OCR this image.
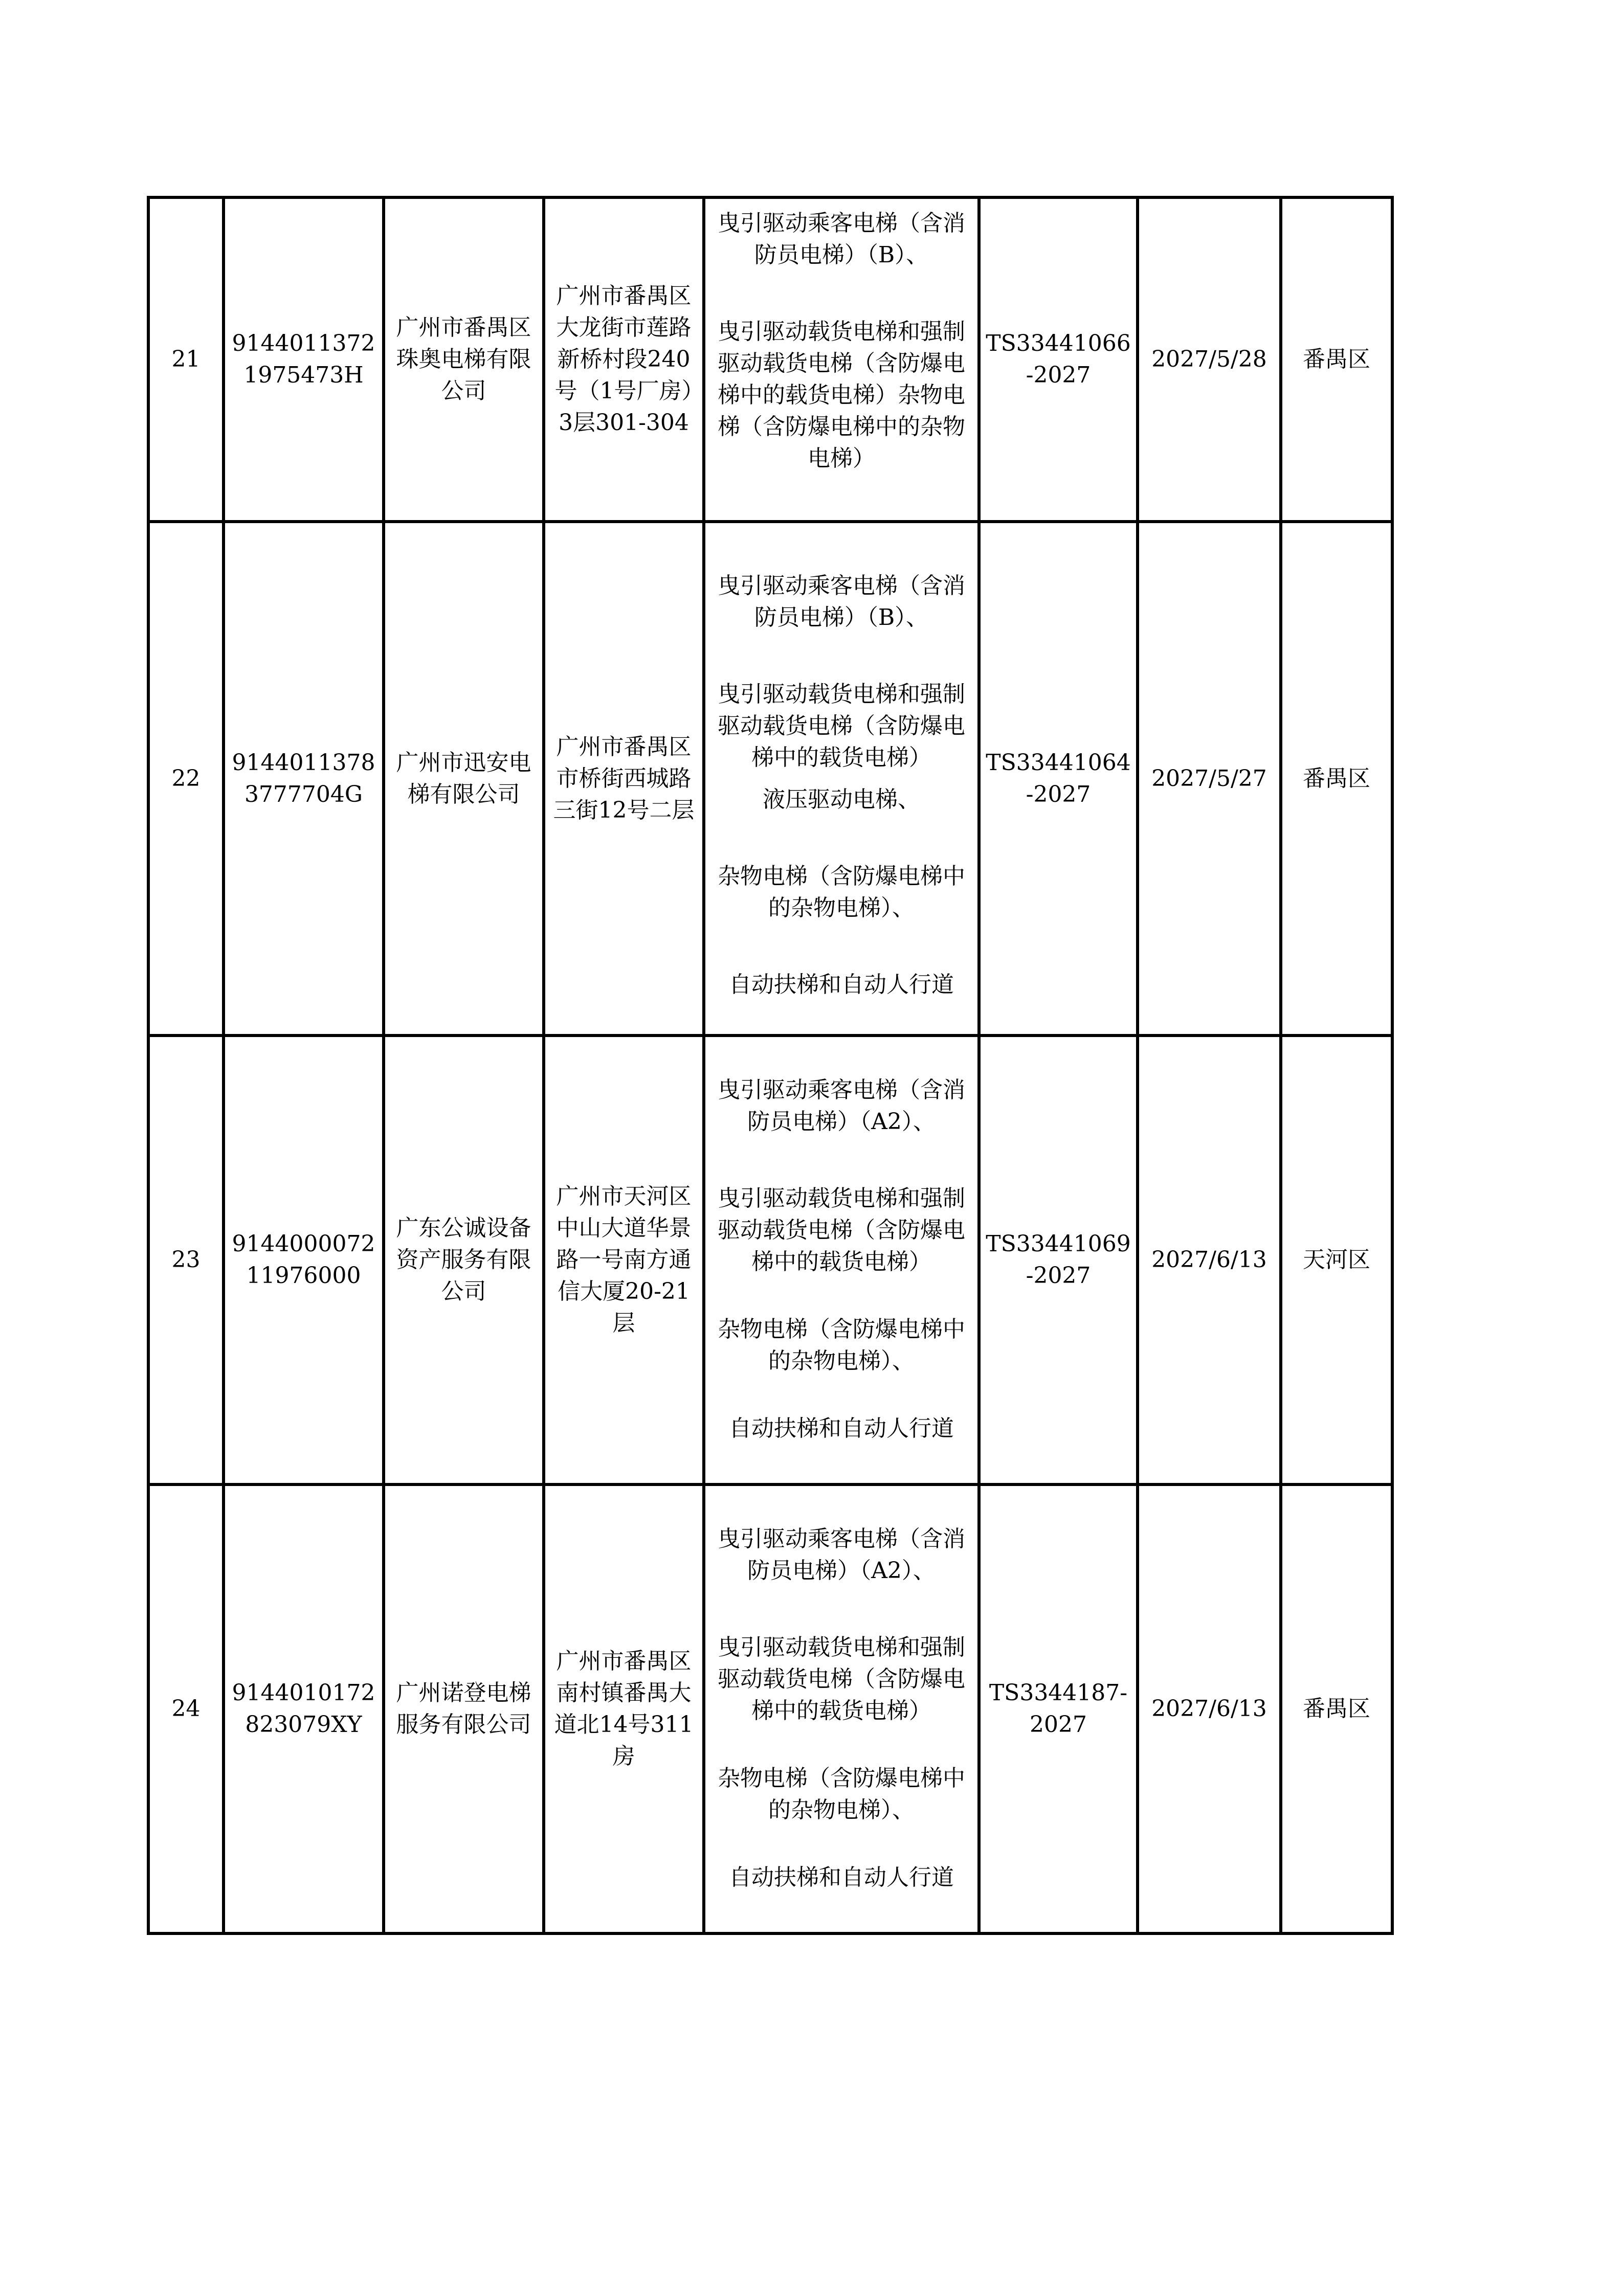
21	91440113721975473H	广州市番禺区珠奥电梯有限公司	广州市番禺区大龙街市莲路新桥村段240号（1号厂房）3层301-304	曳引驱动乘客电梯（含消防员电梯）（B）、
曳引驱动载货电梯和强制驱动载货电梯（含防爆电梯中的载货电梯）杂物电梯（含防爆电梯中的杂物电梯）	TS33441066-2027	2027/5/28	番禺区
22	91440113783777704G	广州市迅安电梯有限公司	广州市番禺区市桥街西城路三街12号二层	曳引驱动乘客电梯（含消防员电梯）（B）、
曳引驱动载货电梯和强制驱动载货电梯（含防爆电梯中的载货电梯）
液压驱动电梯、
杂物电梯（含防爆电梯中的杂物电梯）、
自动扶梯和自动人行道	TS33441064-2027	2027/5/27	番禺区
23	914400007211976000	广东公诚设备资产服务有限公司	广州市天河区中山大道华景路一号南方通信大厦20-21层	曳引驱动乘客电梯（含消防员电梯）（A2）、
曳引驱动载货电梯和强制驱动载货电梯（含防爆电梯中的载货电梯）
杂物电梯（含防爆电梯中的杂物电梯）、
自动扶梯和自动人行道	TS33441069-2027	2027/6/13	天河区
24	9144010172823079XY	广州诺登电梯服务有限公司	广州市番禺区南村镇番禺大道北14号311房	曳引驱动乘客电梯（含消防员电梯）（A2）、
曳引驱动载货电梯和强制驱动载货电梯（含防爆电梯中的载货电梯）
杂物电梯（含防爆电梯中的杂物电梯）、
自动扶梯和自动人行道	TS3344187-2027	2027/6/13	番禺区
